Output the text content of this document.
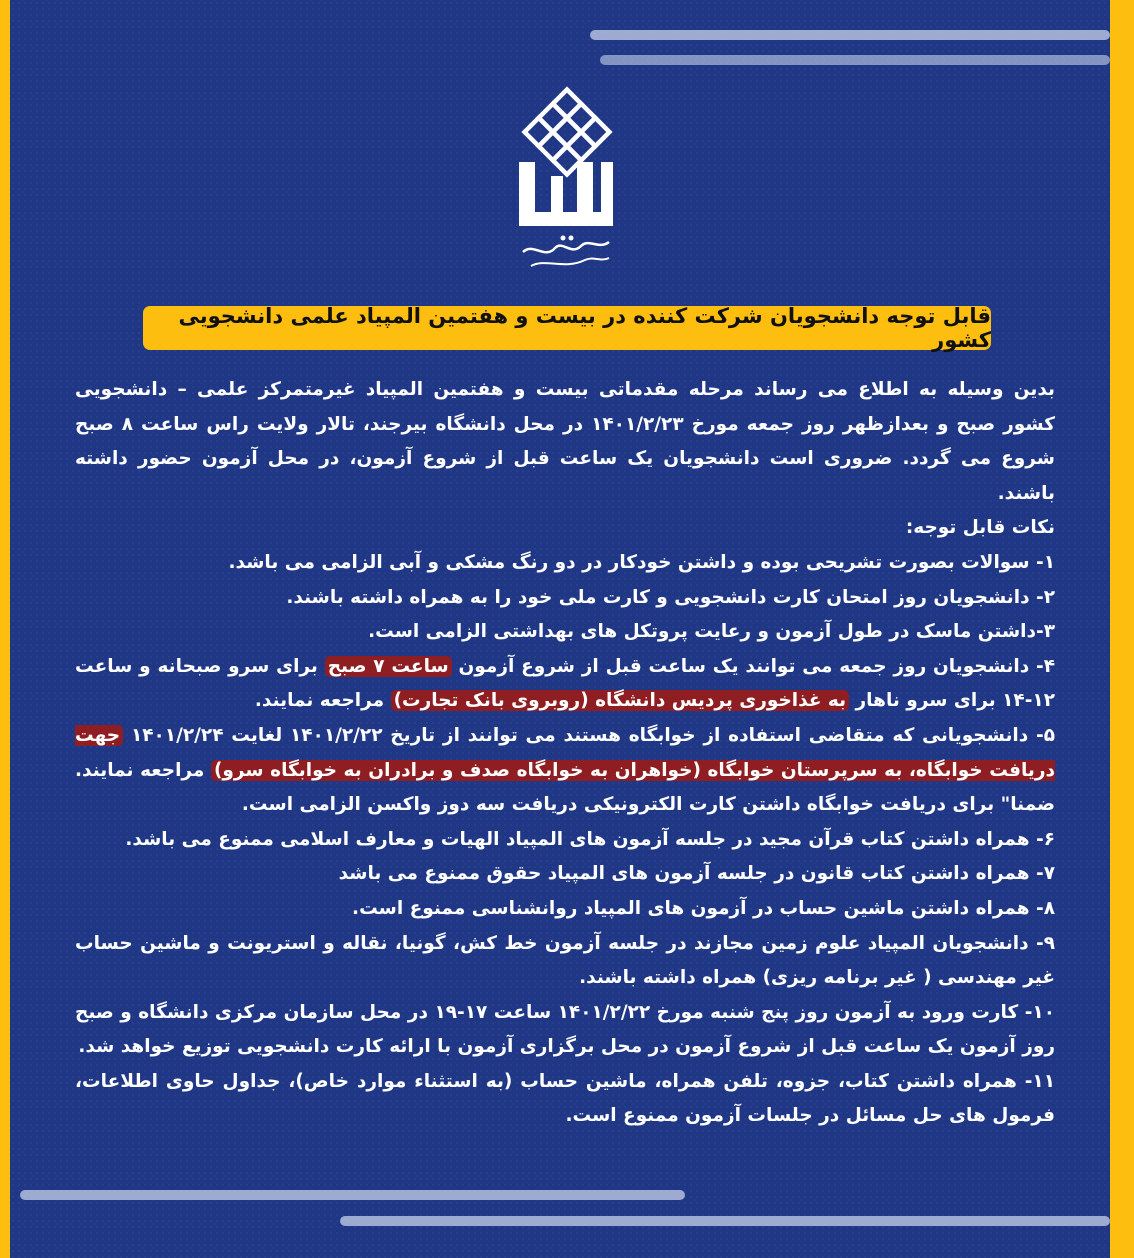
قابل توجه دانشجویان شرکت کننده در بیست و هفتمین المپیاد علمی دانشجویی کشور

بدین وسیله به اطلاع می رساند مرحله مقدماتی بیست و هفتمین المپیاد غیرمتمرکز علمی – دانشجویی کشور صبح و بعدازظهر روز جمعه مورخ ۱۴۰۱/۲/۲۳ در محل دانشگاه بیرجند، تالار ولایت راس ساعت ۸ صبح شروع می گردد. ضروری است دانشجویان یک ساعت قبل از شروع آزمون، در محل آزمون حضور داشته باشند.

نکات قابل توجه:

۱- سوالات بصورت تشریحی بوده و داشتن خودکار در دو رنگ مشکی و آبی الزامی می باشد.

۲- دانشجویان روز امتحان کارت دانشجویی و کارت ملی خود را به همراه داشته باشند.

۳-داشتن ماسک در طول آزمون و رعایت پروتکل های بهداشتی الزامی است.

۴- دانشجویان روز جمعه می توانند یک ساعت قبل از شروع آزمون ساعت ۷ صبح برای سرو صبحانه و ساعت ۱۲-۱۴ برای سرو ناهار به غذاخوری پردیس دانشگاه (روبروی بانک تجارت) مراجعه نمایند.

۵- دانشجویانی که متقاضی استفاده از خوابگاه هستند می توانند از تاریخ ۱۴۰۱/۲/۲۲ لغایت ۱۴۰۱/۲/۲۴ جهت دریافت خوابگاه، به سرپرستان خوابگاه (خواهران به خوابگاه صدف و برادران به خوابگاه سرو) مراجعه نمایند. ضمنا" برای دریافت خوابگاه داشتن کارت الکترونیکی دریافت سه دوز واکسن الزامی است.

۶- همراه داشتن کتاب قرآن مجید در جلسه آزمون های المپیاد الهیات و معارف اسلامی ممنوع می باشد.

۷- همراه داشتن کتاب قانون در جلسه آزمون های المپیاد حقوق ممنوع می باشد

۸- همراه داشتن ماشین حساب در آزمون های المپیاد روانشناسی ممنوع است.

۹- دانشجویان المپیاد علوم زمین مجازند در جلسه آزمون خط کش، گونیا، نقاله و استریونت و ماشین حساب غیر مهندسی ( غیر برنامه ریزی) همراه داشته باشند.

۱۰- کارت ورود به آزمون روز پنج شنبه مورخ ۱۴۰۱/۲/۲۲ ساعت ۱۷-۱۹ در محل سازمان مرکزی دانشگاه و صبح روز آزمون یک ساعت قبل از شروع آزمون در محل برگزاری آزمون با ارائه کارت دانشجویی توزیع خواهد شد.

۱۱- همراه داشتن کتاب، جزوه، تلفن همراه، ماشین حساب (به استثناء موارد خاص)، جداول حاوی اطلاعات، فرمول های حل مسائل در جلسات آزمون ممنوع است.
